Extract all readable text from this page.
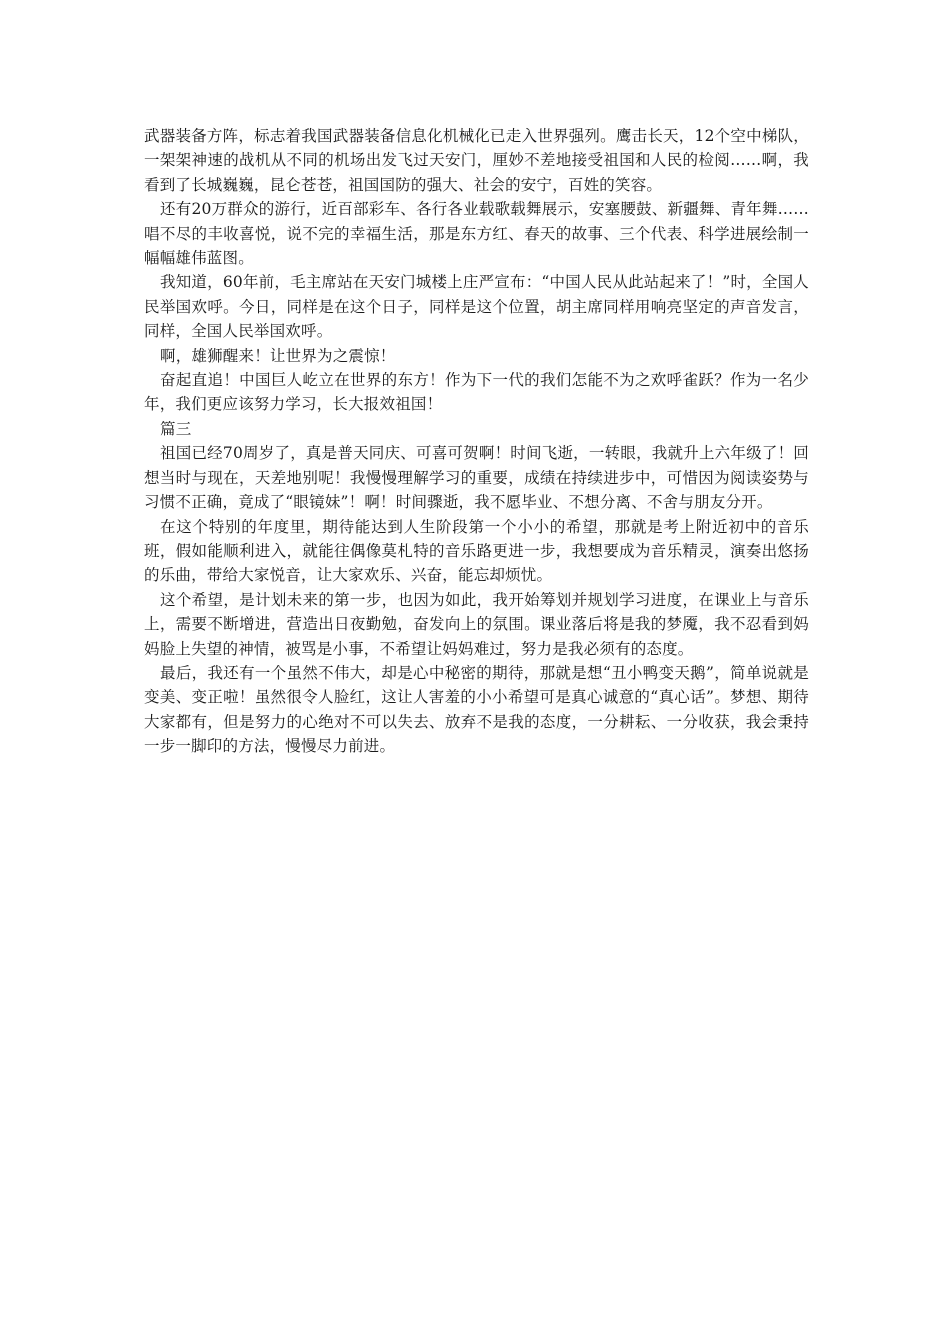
武器装备方阵，标志着我国武器装备信息化机械化已走入世界强列。鹰击长天，12个空中梯队，一架架神速的战机从不同的机场出发飞过天安门，厘妙不差地接受祖国和人民的检阅……啊，我看到了长城巍巍，昆仑苍苍，祖国国防的强大、社会的安宁，百姓的笑容。

还有20万群众的游行，近百部彩车、各行各业载歌载舞展示，安塞腰鼓、新疆舞、青年舞……唱不尽的丰收喜悦，说不完的幸福生活，那是东方红、春天的故事、三个代表、科学进展绘制一幅幅雄伟蓝图。

我知道，60年前，毛主席站在天安门城楼上庄严宣布：“中国人民从此站起来了！”时，全国人民举国欢呼。今日，同样是在这个日子，同样是这个位置，胡主席同样用响亮坚定的声音发言，同样，全国人民举国欢呼。

啊，雄狮醒来！让世界为之震惊！

奋起直追！中国巨人屹立在世界的东方！作为下一代的我们怎能不为之欢呼雀跃？作为一名少年，我们更应该努力学习，长大报效祖国！

篇三

祖国已经70周岁了，真是普天同庆、可喜可贺啊！时间飞逝，一转眼，我就升上六年级了！回想当时与现在，天差地别呢！我慢慢理解学习的重要，成绩在持续进步中，可惜因为阅读姿势与习惯不正确，竟成了“眼镜妹”！啊！时间骤逝，我不愿毕业、不想分离、不舍与朋友分开。

在这个特别的年度里，期待能达到人生阶段第一个小小的希望，那就是考上附近初中的音乐班，假如能顺利进入，就能往偶像莫札特的音乐路更进一步，我想要成为音乐精灵，演奏出悠扬的乐曲，带给大家悦音，让大家欢乐、兴奋，能忘却烦忧。

这个希望，是计划未来的第一步，也因为如此，我开始筹划并规划学习进度，在课业上与音乐上，需要不断增进，营造出日夜勤勉，奋发向上的氛围。课业落后将是我的梦魇，我不忍看到妈妈脸上失望的神情，被骂是小事，不希望让妈妈难过，努力是我必须有的态度。

最后，我还有一个虽然不伟大，却是心中秘密的期待，那就是想“丑小鸭变天鹅”，简单说就是变美、变正啦！虽然很令人脸红，这让人害羞的小小希望可是真心诚意的“真心话”。梦想、期待大家都有，但是努力的心绝对不可以失去、放弃不是我的态度，一分耕耘、一分收获，我会秉持一步一脚印的方法，慢慢尽力前进。
